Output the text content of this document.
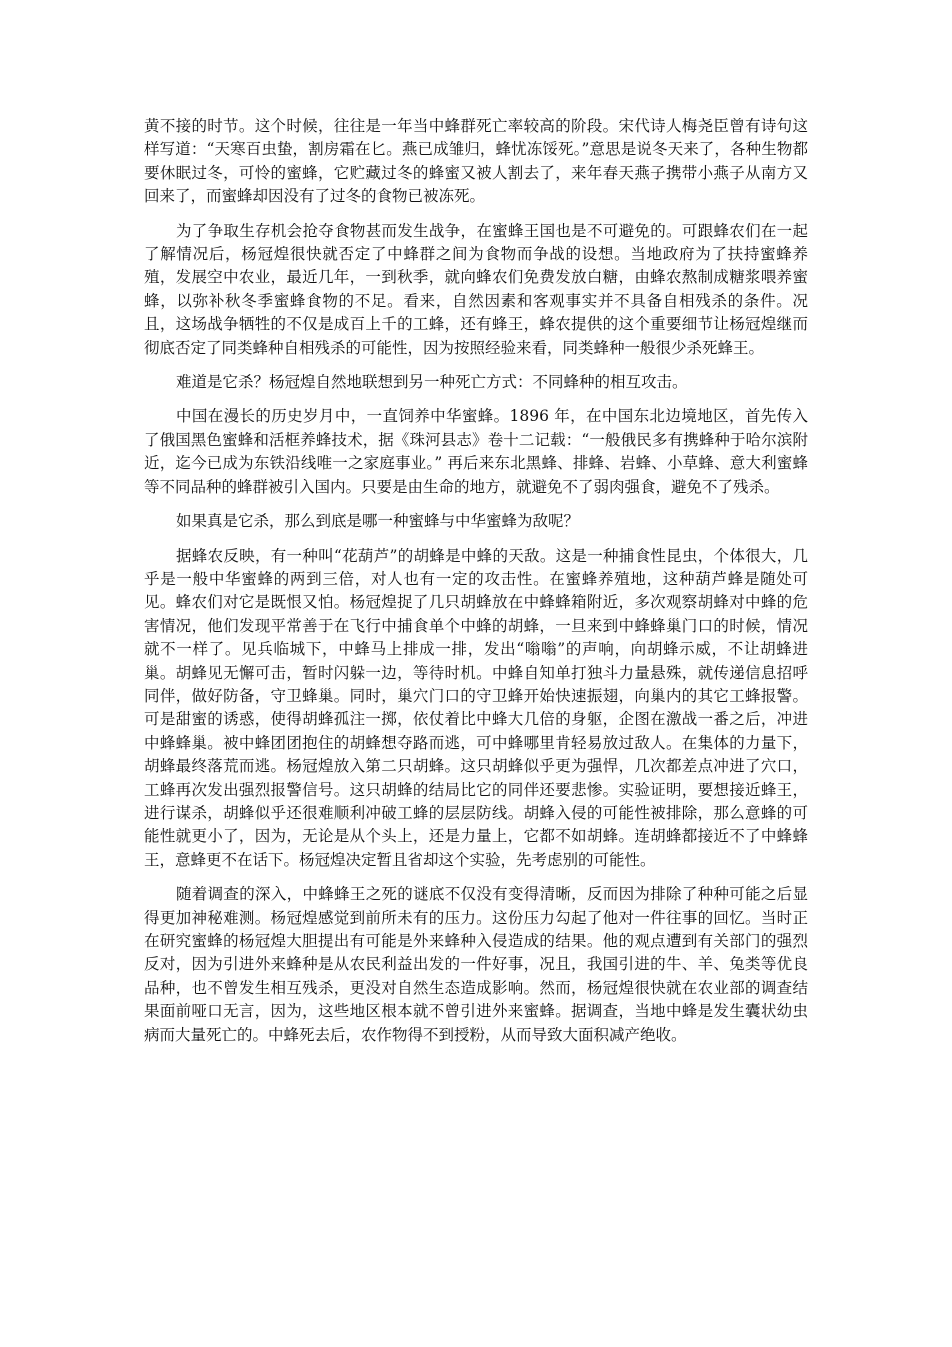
黄不接的时节。这个时候，往往是一年当中蜂群死亡率较高的阶段。宋代诗人梅尧臣曾有诗句这样写道：“天寒百虫蛰，割房霜在匕。燕已成雏归，蜂忧冻馁死。”意思是说冬天来了，各种生物都要休眠过冬，可怜的蜜蜂，它贮藏过冬的蜂蜜又被人割去了，来年春天燕子携带小燕子从南方又回来了，而蜜蜂却因没有了过冬的食物已被冻死。

为了争取生存机会抢夺食物甚而发生战争，在蜜蜂王国也是不可避免的。可跟蜂农们在一起了解情况后，杨冠煌很快就否定了中蜂群之间为食物而争战的设想。当地政府为了扶持蜜蜂养殖，发展空中农业，最近几年，一到秋季，就向蜂农们免费发放白糖，由蜂农熬制成糖浆喂养蜜蜂，以弥补秋冬季蜜蜂食物的不足。看来，自然因素和客观事实并不具备自相残杀的条件。况且，这场战争牺牲的不仅是成百上千的工蜂，还有蜂王，蜂农提供的这个重要细节让杨冠煌继而彻底否定了同类蜂种自相残杀的可能性，因为按照经验来看，同类蜂种一般很少杀死蜂王。

难道是它杀？杨冠煌自然地联想到另一种死亡方式：不同蜂种的相互攻击。

中国在漫长的历史岁月中，一直饲养中华蜜蜂。1896 年，在中国东北边境地区，首先传入了俄国黑色蜜蜂和活框养蜂技术，据《珠河县志》卷十二记载：“一般俄民多有携蜂种于哈尔滨附近，迄今已成为东铁沿线唯一之家庭事业。” 再后来东北黑蜂、排蜂、岩蜂、小草蜂、意大利蜜蜂等不同品种的蜂群被引入国内。只要是由生命的地方，就避免不了弱肉强食，避免不了残杀。

如果真是它杀，那么到底是哪一种蜜蜂与中华蜜蜂为敌呢？

据蜂农反映，有一种叫“花葫芦”的胡蜂是中蜂的天敌。这是一种捕食性昆虫，个体很大，几乎是一般中华蜜蜂的两到三倍，对人也有一定的攻击性。在蜜蜂养殖地，这种葫芦蜂是随处可见。蜂农们对它是既恨又怕。杨冠煌捉了几只胡蜂放在中蜂蜂箱附近，多次观察胡蜂对中蜂的危害情况，他们发现平常善于在飞行中捕食单个中蜂的胡蜂，一旦来到中蜂蜂巢门口的时候，情况就不一样了。见兵临城下，中蜂马上排成一排，发出“嗡嗡”的声响，向胡蜂示威，不让胡蜂进巢。胡蜂见无懈可击，暂时闪躲一边，等待时机。中蜂自知单打独斗力量悬殊，就传递信息招呼同伴，做好防备，守卫蜂巢。同时，巢穴门口的守卫蜂开始快速振翅，向巢内的其它工蜂报警。可是甜蜜的诱惑，使得胡蜂孤注一掷，依仗着比中蜂大几倍的身躯，企图在激战一番之后，冲进中蜂蜂巢。被中蜂团团抱住的胡蜂想夺路而逃，可中蜂哪里肯轻易放过敌人。在集体的力量下，胡蜂最终落荒而逃。杨冠煌放入第二只胡蜂。这只胡蜂似乎更为强悍，几次都差点冲进了穴口，工蜂再次发出强烈报警信号。这只胡蜂的结局比它的同伴还要悲惨。实验证明，要想接近蜂王，进行谋杀，胡蜂似乎还很难顺利冲破工蜂的层层防线。胡蜂入侵的可能性被排除，那么意蜂的可能性就更小了，因为，无论是从个头上，还是力量上，它都不如胡蜂。连胡蜂都接近不了中蜂蜂王，意蜂更不在话下。杨冠煌决定暂且省却这个实验，先考虑别的可能性。

随着调查的深入，中蜂蜂王之死的谜底不仅没有变得清晰，反而因为排除了种种可能之后显得更加神秘难测。杨冠煌感觉到前所未有的压力。这份压力勾起了他对一件往事的回忆。当时正在研究蜜蜂的杨冠煌大胆提出有可能是外来蜂种入侵造成的结果。他的观点遭到有关部门的强烈反对，因为引进外来蜂种是从农民利益出发的一件好事，况且，我国引进的牛、羊、兔类等优良品种，也不曾发生相互残杀，更没对自然生态造成影响。然而，杨冠煌很快就在农业部的调查结果面前哑口无言，因为，这些地区根本就不曾引进外来蜜蜂。据调查，当地中蜂是发生囊状幼虫病而大量死亡的。中蜂死去后，农作物得不到授粉，从而导致大面积减产绝收。
